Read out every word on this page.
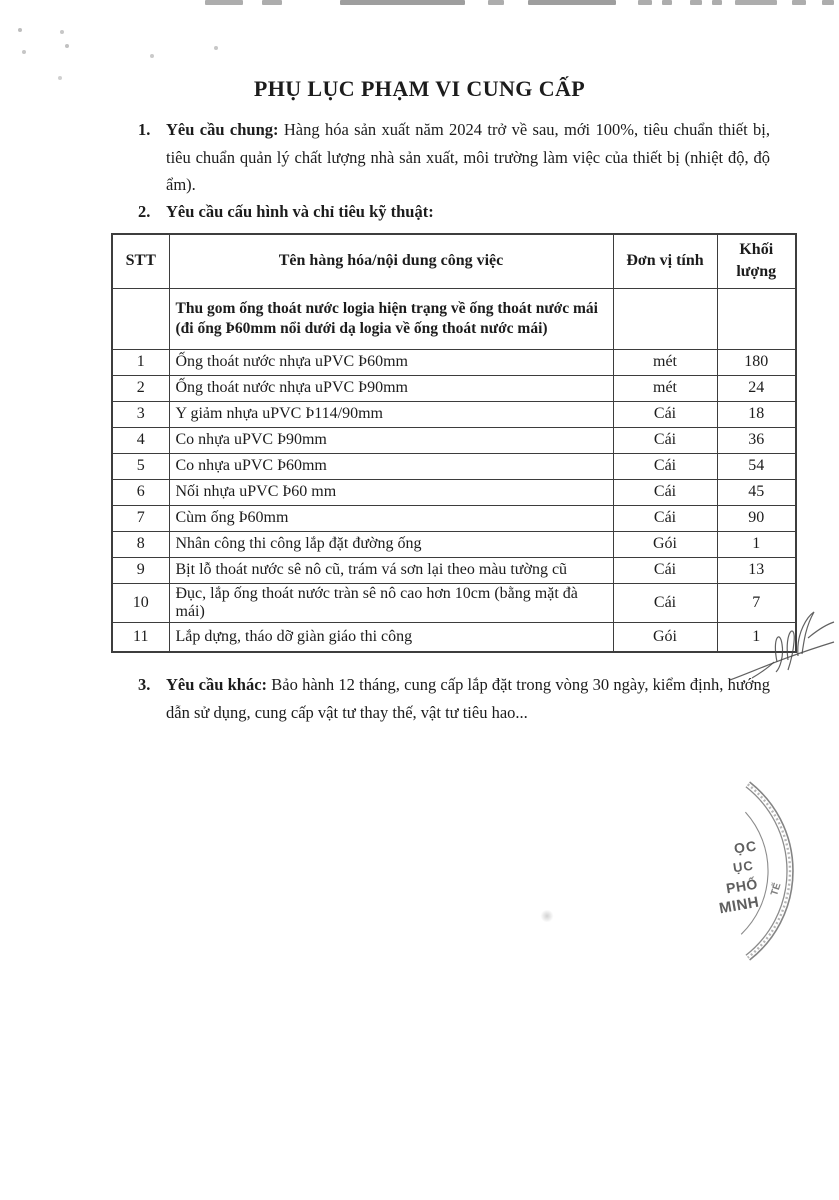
PHỤ LỤC PHẠM VI CUNG CẤP
1. Yêu cầu chung: Hàng hóa sản xuất năm 2024 trở về sau, mới 100%, tiêu chuẩn thiết bị, tiêu chuẩn quản lý chất lượng nhà sản xuất, môi trường làm việc của thiết bị (nhiệt độ, độ ẩm).
2. Yêu cầu cấu hình và chỉ tiêu kỹ thuật:
STT	Tên hàng hóa/nội dung công việc	Đơn vị tính	Khối lượng
	Thu gom ống thoát nước logia hiện trạng về ống thoát nước mái (đi ống Þ60mm nổi dưới dạ logia về ống thoát nước mái)		
1	Ống thoát nước nhựa uPVC Þ60mm	mét	180
2	Ống thoát nước nhựa uPVC Þ90mm	mét	24
3	Y giảm nhựa uPVC Þ114/90mm	Cái	18
4	Co nhựa uPVC Þ90mm	Cái	36
5	Co nhựa uPVC Þ60mm	Cái	54
6	Nối nhựa uPVC Þ60 mm	Cái	45
7	Cùm ống Þ60mm	Cái	90
8	Nhân công thi công lắp đặt đường ống	Gói	1
9	Bịt lỗ thoát nước sê nô cũ, trám vá sơn lại theo màu tường cũ	Cái	13
10	Đục, lắp ống thoát nước tràn sê nô cao hơn 10cm (bằng mặt đà mái)	Cái	7
11	Lắp dựng, tháo dỡ giàn giáo thi công	Gói	1
3. Yêu cầu khác: Bảo hành 12 tháng, cung cấp lắp đặt trong vòng 30 ngày, kiểm định, hướng dẫn sử dụng, cung cấp vật tư thay thế, vật tư tiêu hao...
ỌC
ỤC
PHỐ
MINH
TẾ
